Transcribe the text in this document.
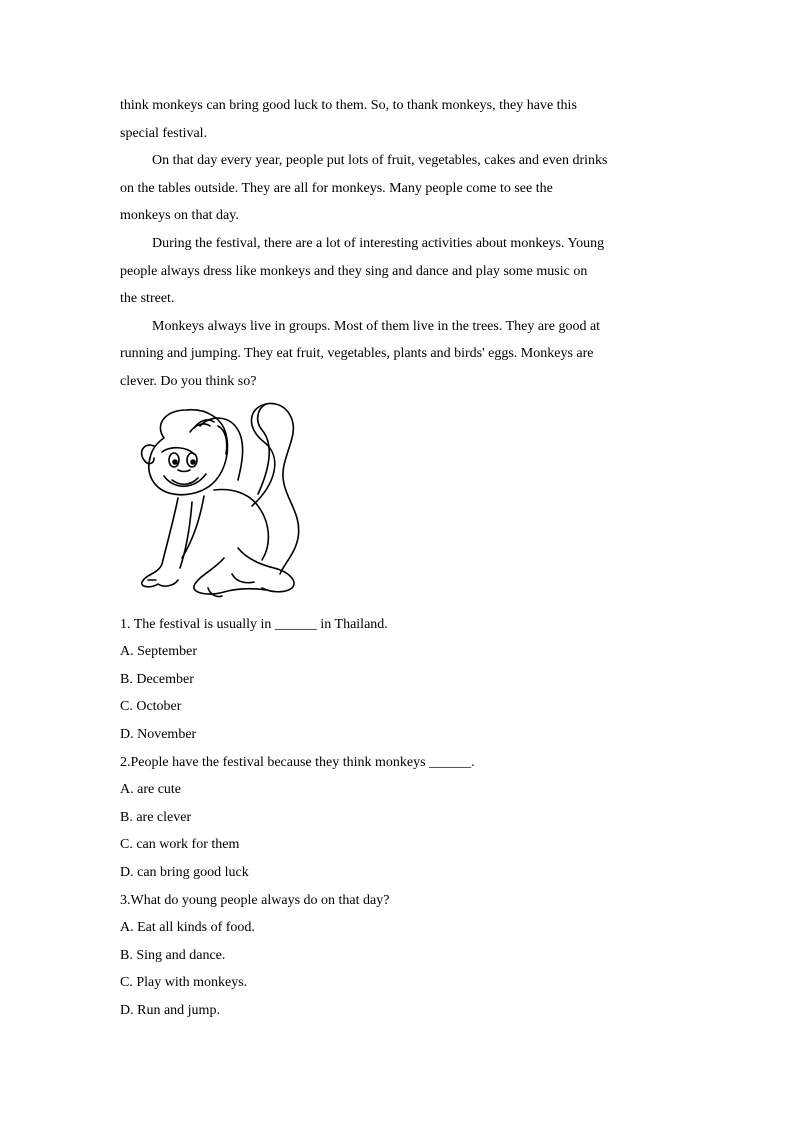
think monkeys can bring good luck to them. So, to thank monkeys, they have this
special festival.
On that day every year, people put lots of fruit, vegetables, cakes and even drinks
on the tables outside. They are all for monkeys. Many people come to see the
monkeys on that day.
During the festival, there are a lot of interesting activities about monkeys. Young
people always dress like monkeys and they sing and dance and play some music on
the street.
Monkeys always live in groups. Most of them live in the trees. They are good at
running and jumping. They eat fruit, vegetables, plants and birds' eggs. Monkeys are
clever. Do you think so?
1. The festival is usually in ______ in Thailand.
A. September
B. December
C. October
D. November
2.People have the festival because they think monkeys ______.
A. are cute
B. are clever
C. can work for them
D. can bring good luck
3.What do young people always do on that day?
A. Eat all kinds of food.
B. Sing and dance.
C. Play with monkeys.
D. Run and jump.
